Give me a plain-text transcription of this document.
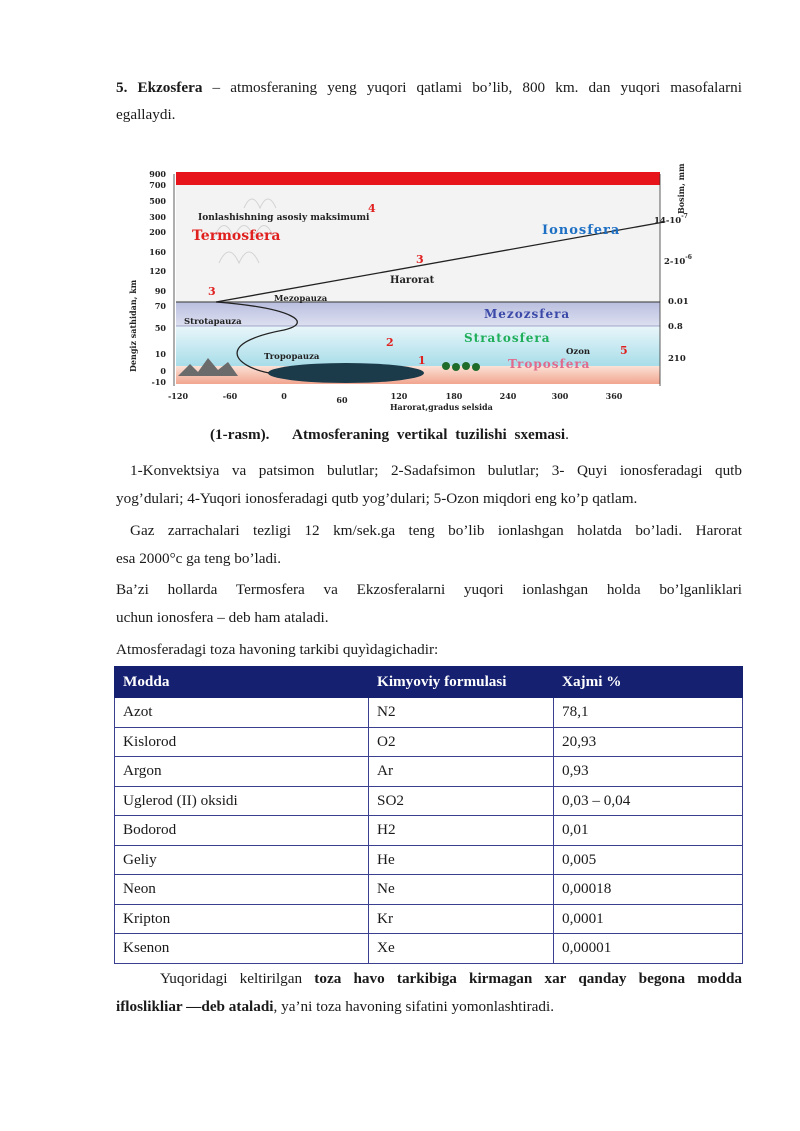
5. Ekzosfera – atmosferaning yeng yuqori qatlami bo’lib, 800 km. dan yuqori masofalarni
egallaydi.
Dengiz sathidan, km
900
700
500
300
200
160
120
90
70
50
10
0
-10
-120	-60	0	60	120	180	240	300	360
Harorat,gradus selsida
Bosim, mm
$14-10^{-7}$
$2-10^{-6}$
0.01
0.8
210
Termosfera	Ionosfera
Mezozsfera
Stratosfera
Troposfera
Ionlashishning asosiy maksimumi
Harorat
Mezopauza
Strotapauza
Tropopauza	Ozon
1
2
3
3
4
5
(1-rasm). Atmosferaning vertikal tuzilishi sxemasi.
1-Konvektsiya va patsimon bulutlar; 2-Sadafsimon bulutlar; 3- Quyi ionosferadagi qutb
yog’dulari; 4-Yuqori ionosferadagi qutb yog’dulari; 5-Ozon miqdori eng ko’p qatlam.
Gaz zarrachalari tezligi 12 km/sek.ga teng bo’lib ionlashgan holatda bo’ladi. Harorat
esa 2000°c ga teng bo’ladi.
Ba’zi hollarda Termosfera va Ekzosferalarni yuqori ionlashgan holda bo’lganliklari
uchun ionosfera – deb ham ataladi.
Atmosferadagi toza havoning tarkibi quyìdagichadir:
Modda	Kimyoviy formulasi	Xajmi %
Azot	N2	78,1
Kislorod	O2	20,93
Argon	Ar	0,93
Uglerod (II) oksidi	SO2	0,03 – 0,04
Bodorod	H2	0,01
Geliy	He	0,005
Neon	Ne	0,00018
Kripton	Kr	0,0001
Ksenon	Xe	0,00001
Yuqoridagi keltirilgan toza havo tarkibiga kirmagan xar qanday begona modda
ifloslikliar —deb ataladi, ya’ni toza havoning sifatini yomonlashtiradi.
